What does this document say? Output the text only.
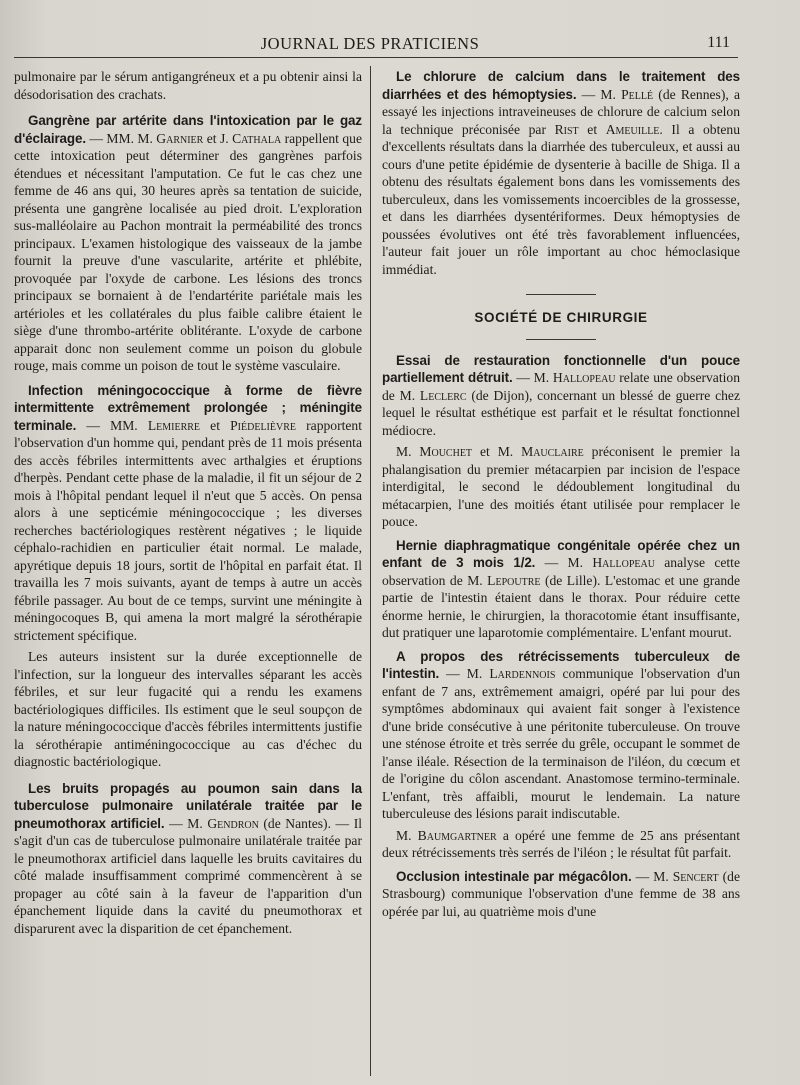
JOURNAL DES PRATICIENS	111

pulmonaire par le sérum antigangréneux et a pu obtenir ainsi la désodorisation des crachats.

Gangrène par artérite dans l'intoxication par le gaz d'éclairage. — MM. M. Garnier et J. Cathala rappellent que cette intoxication peut déterminer des gangrènes parfois étendues et nécessitant l'amputation. Ce fut le cas chez une femme de 46 ans qui, 30 heures après sa tentation de suicide, présenta une gangrène localisée au pied droit. L'exploration sus-malléolaire au Pachon montrait la perméabilité des troncs principaux. L'examen histologique des vaisseaux de la jambe fournit la preuve d'une vascularite, artérite et phlébite, provoquée par l'oxyde de carbone. Les lésions des troncs principaux se bornaient à de l'endartérite pariétale mais les artérioles et les collatérales du plus faible calibre étaient le siège d'une thrombo-artérite oblitérante. L'oxyde de carbone apparait donc non seulement comme un poison du globule rouge, mais comme un poison de tout le système vasculaire.

Infection méningococcique à forme de fièvre intermittente extrêmement prolongée ; méningite terminale. — MM. Lemierre et Piédelièvre rapportent l'observation d'un homme qui, pendant près de 11 mois présenta des accès fébriles intermittents avec arthalgies et éruptions d'herpès. Pendant cette phase de la maladie, il fit un séjour de 2 mois à l'hôpital pendant lequel il n'eut que 5 accès. On pensa alors à une septicémie méningococcique ; les diverses recherches bactériologiques restèrent négatives ; le liquide céphalo-rachidien en particulier était normal. Le malade, apyrétique depuis 18 jours, sortit de l'hôpital en parfait état. Il travailla les 7 mois suivants, ayant de temps à autre un accès fébrile passager. Au bout de ce temps, survint une méningite à méningocoques B, qui amena la mort malgré la sérothérapie strictement spécifique.

Les auteurs insistent sur la durée exceptionnelle de l'infection, sur la longueur des intervalles séparant les accès fébriles, et sur leur fugacité qui a rendu les examens bactériologiques difficiles. Ils estiment que le seul soupçon de la nature méningococcique d'accès fébriles intermittents justifie la sérothérapie antiméningococcique au cas d'échec du diagnostic bactériologique.

Les bruits propagés au poumon sain dans la tuberculose pulmonaire unilatérale traitée par le pneumothorax artificiel. — M. Gendron (de Nantes). — Il s'agit d'un cas de tuberculose pulmonaire unilatérale traitée par le pneumothorax artificiel dans laquelle les bruits cavitaires du côté malade insuffisamment comprimé commencèrent à se propager au côté sain à la faveur de l'apparition d'un épanchement liquide dans la cavité du pneumothorax et disparurent avec la disparition de cet épanchement.

Le chlorure de calcium dans le traitement des diarrhées et des hémoptysies. — M. Pellé (de Rennes), a essayé les injections intraveineuses de chlorure de calcium selon la technique préconisée par Rist et Ameuille. Il a obtenu d'excellents résultats dans la diarrhée des tuberculeux, et aussi au cours d'une petite épidémie de dysenterie à bacille de Shiga. Il a obtenu des résultats également bons dans les vomissements des tuberculeux, dans les vomissements incoercibles de la grossesse, et dans les diarrhées dysentériformes. Deux hémoptysies de poussées évolutives ont été très favorablement influencées, l'auteur fait jouer un rôle important au choc hémoclasique immédiat.

SOCIÉTÉ DE CHIRURGIE

Essai de restauration fonctionnelle d'un pouce partiellement détruit. — M. Hallopeau relate une observation de M. Leclerc (de Dijon), concernant un blessé de guerre chez lequel le résultat esthétique est parfait et le résultat fonctionnel médiocre.

M. Mouchet et M. Mauclaire préconisent le premier la phalangisation du premier métacarpien par incision de l'espace interdigital, le second le dédoublement longitudinal du métacarpien, l'une des moitiés étant utilisée pour remplacer le pouce.

Hernie diaphragmatique congénitale opérée chez un enfant de 3 mois 1/2. — M. Hallopeau analyse cette observation de M. Lepoutre (de Lille). L'estomac et une grande partie de l'intestin étaient dans le thorax. Pour réduire cette énorme hernie, le chirurgien, la thoracotomie étant insuffisante, dut pratiquer une laparotomie complémentaire. L'enfant mourut.

A propos des rétrécissements tuberculeux de l'intestin. — M. Lardennois communique l'observation d'un enfant de 7 ans, extrêmement amaigri, opéré par lui pour des symptômes abdominaux qui avaient fait songer à l'existence d'une bride consécutive à une péritonite tuberculeuse. On trouve une sténose étroite et très serrée du grêle, occupant le sommet de l'anse iléale. Résection de la terminaison de l'iléon, du cœcum et de l'origine du côlon ascendant. Anastomose termino-terminale. L'enfant, très affaibli, mourut le lendemain. La nature tuberculeuse des lésions parait indiscutable.

M. Baumgartner a opéré une femme de 25 ans présentant deux rétrécissements très serrés de l'iléon ; le résultat fût parfait.

Occlusion intestinale par mégacôlon. — M. Sencert (de Strasbourg) communique l'observation d'une femme de 38 ans opérée par lui, au quatrième mois d'une
